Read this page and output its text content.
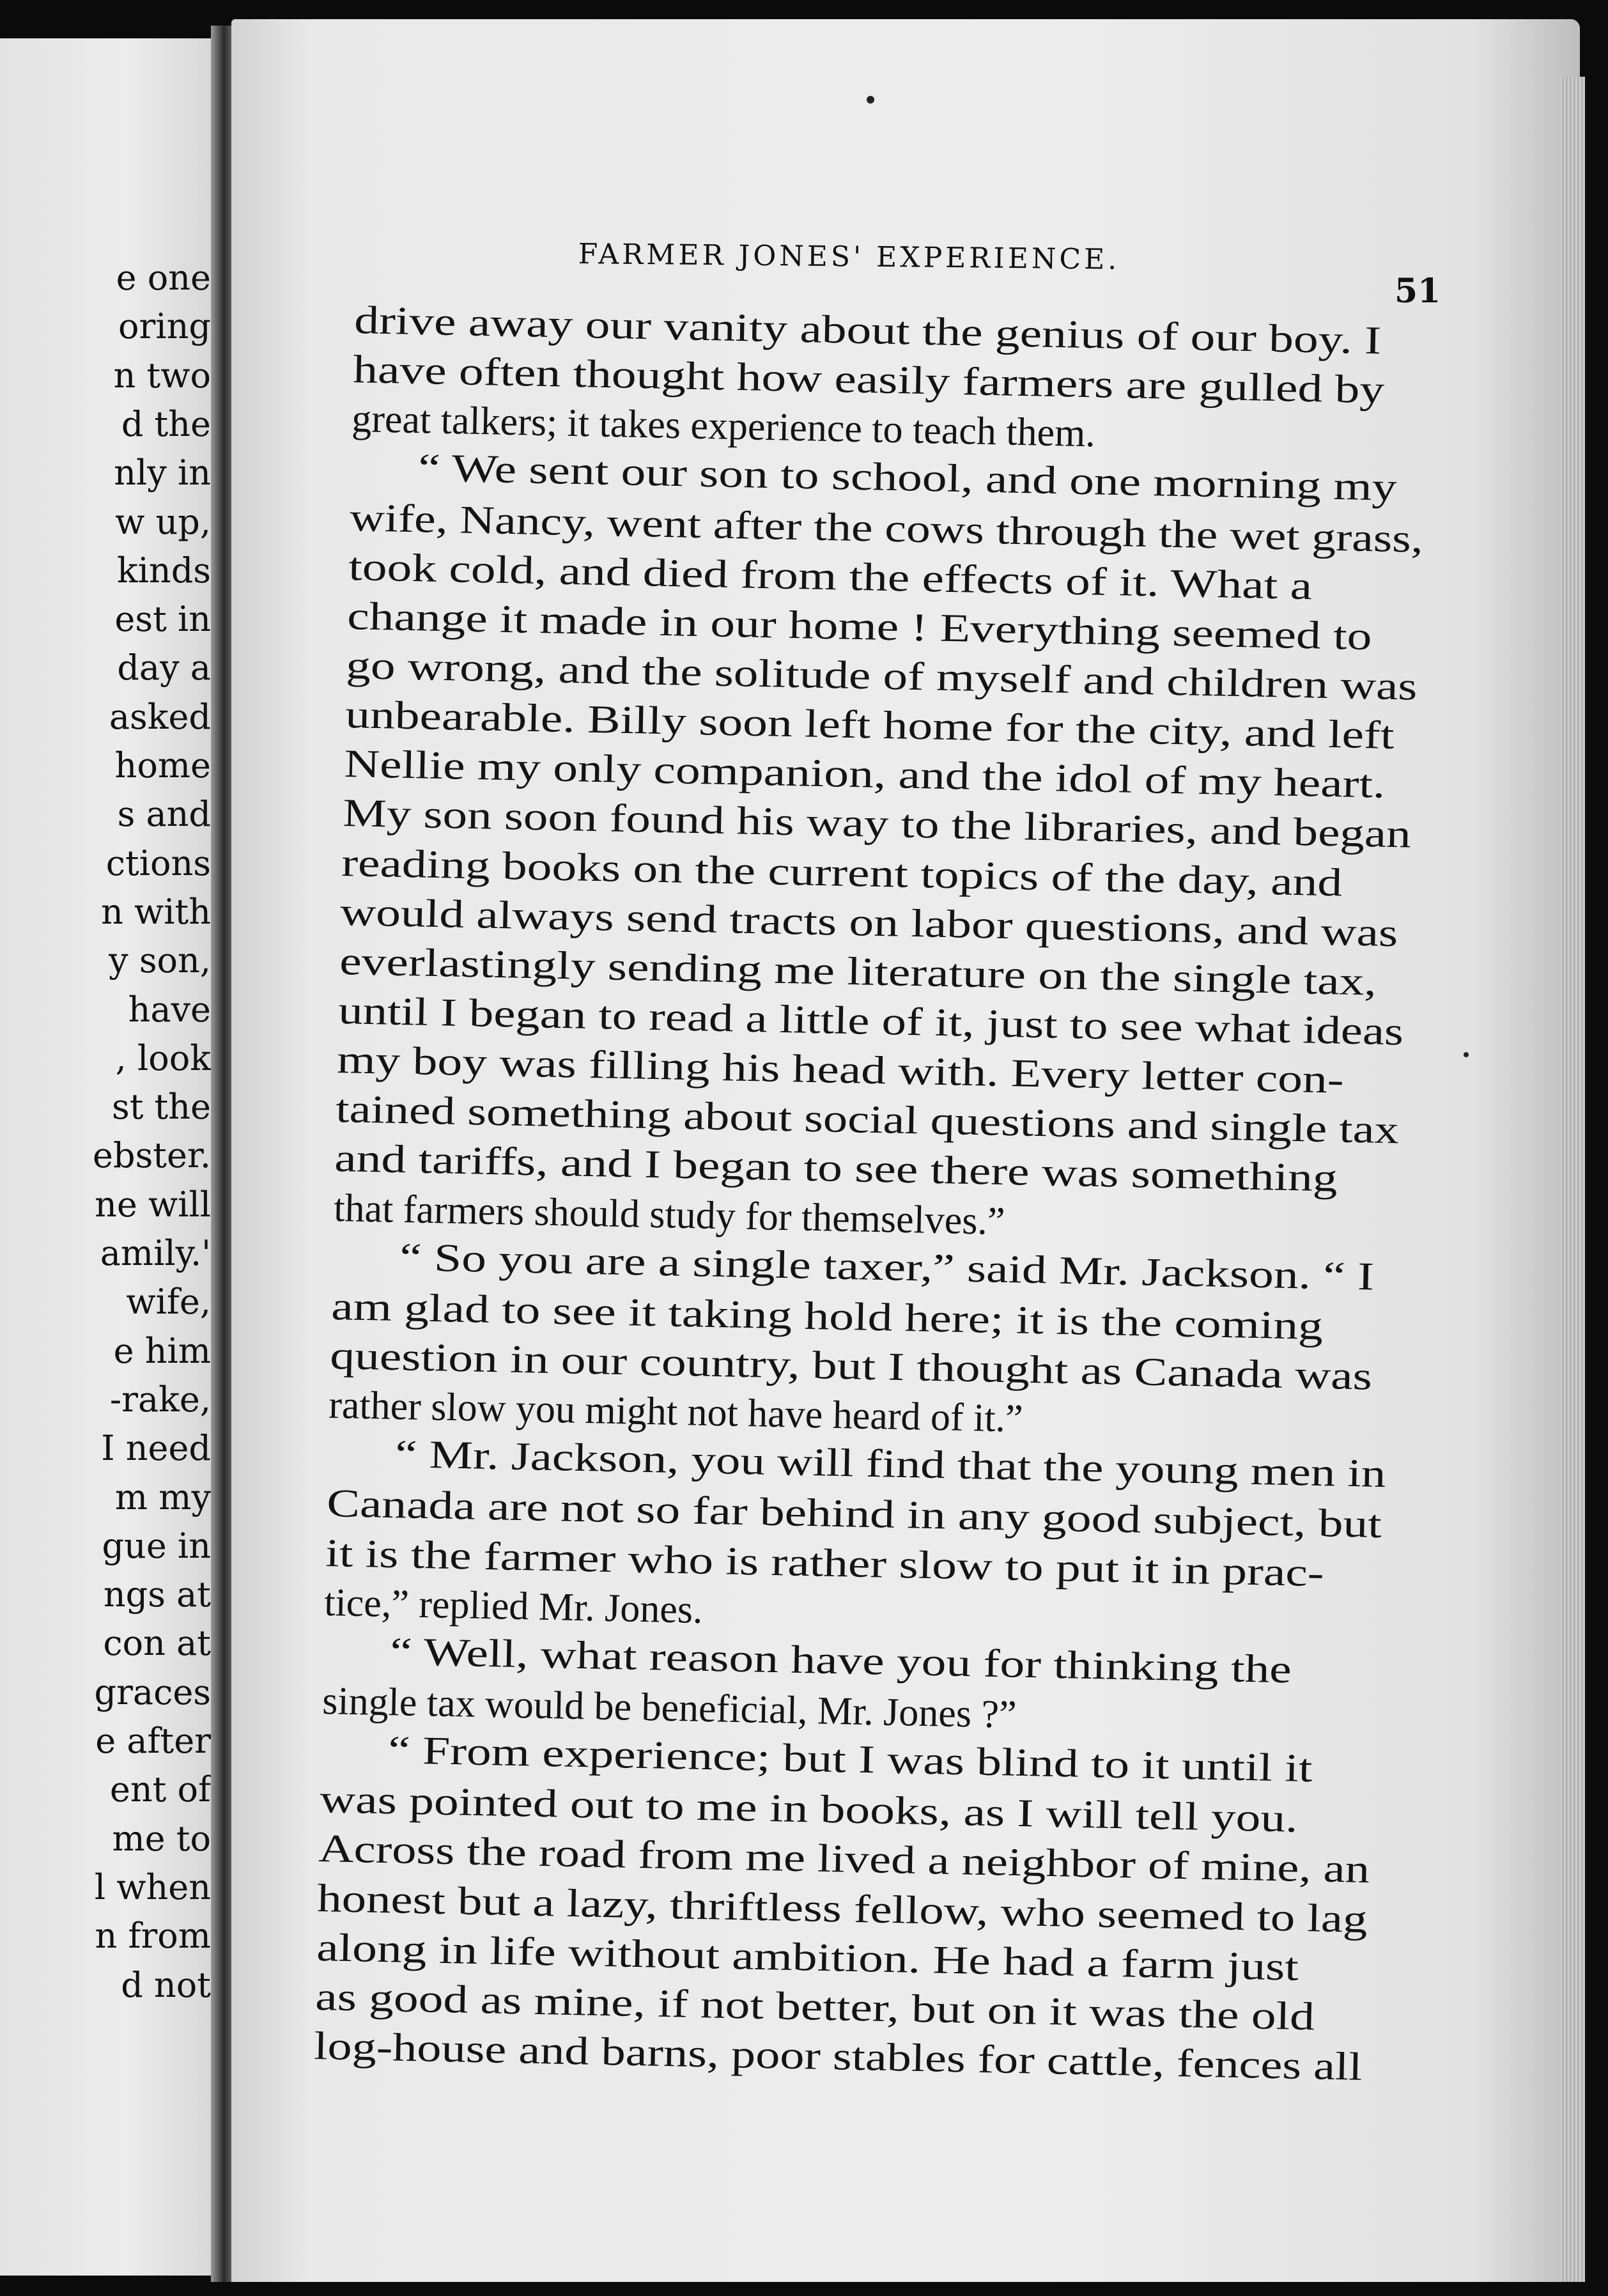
e one
oring
n two
d the
nly in
w up,
kinds
est in
day a
asked
home
s and
ctions
n with
y son,
have
, look
st the
ebster.
ne will
amily.'
wife,
e him
-rake,
I need
m my
gue in
ngs at
con at
graces
e after
ent of
me to
l when
n from
d not
FARMER JONES' EXPERIENCE.
51
drive away our vanity about the genius of our boy. I
have often thought how easily farmers are gulled by
great talkers; it takes experience to teach them.
“ We sent our son to school, and one morning my
wife, Nancy, went after the cows through the wet grass,
took cold, and died from the effects of it. What a
change it made in our home ! Everything seemed to
go wrong, and the solitude of myself and children was
unbearable. Billy soon left home for the city, and left
Nellie my only companion, and the idol of my heart.
My son soon found his way to the libraries, and began
reading books on the current topics of the day, and
would always send tracts on labor questions, and was
everlastingly sending me literature on the single tax,
until I began to read a little of it, just to see what ideas
my boy was filling his head with. Every letter con-
tained something about social questions and single tax
and tariffs, and I began to see there was something
that farmers should study for themselves.”
“ So you are a single taxer,” said Mr. Jackson. “ I
am glad to see it taking hold here; it is the coming
question in our country, but I thought as Canada was
rather slow you might not have heard of it.”
“ Mr. Jackson, you will find that the young men in
Canada are not so far behind in any good subject, but
it is the farmer who is rather slow to put it in prac-
tice,” replied Mr. Jones.
“ Well, what reason have you for thinking the
single tax would be beneficial, Mr. Jones ?”
“ From experience; but I was blind to it until it
was pointed out to me in books, as I will tell you.
Across the road from me lived a neighbor of mine, an
honest but a lazy, thriftless fellow, who seemed to lag
along in life without ambition. He had a farm just
as good as mine, if not better, but on it was the old
log-house and barns, poor stables for cattle, fences all
